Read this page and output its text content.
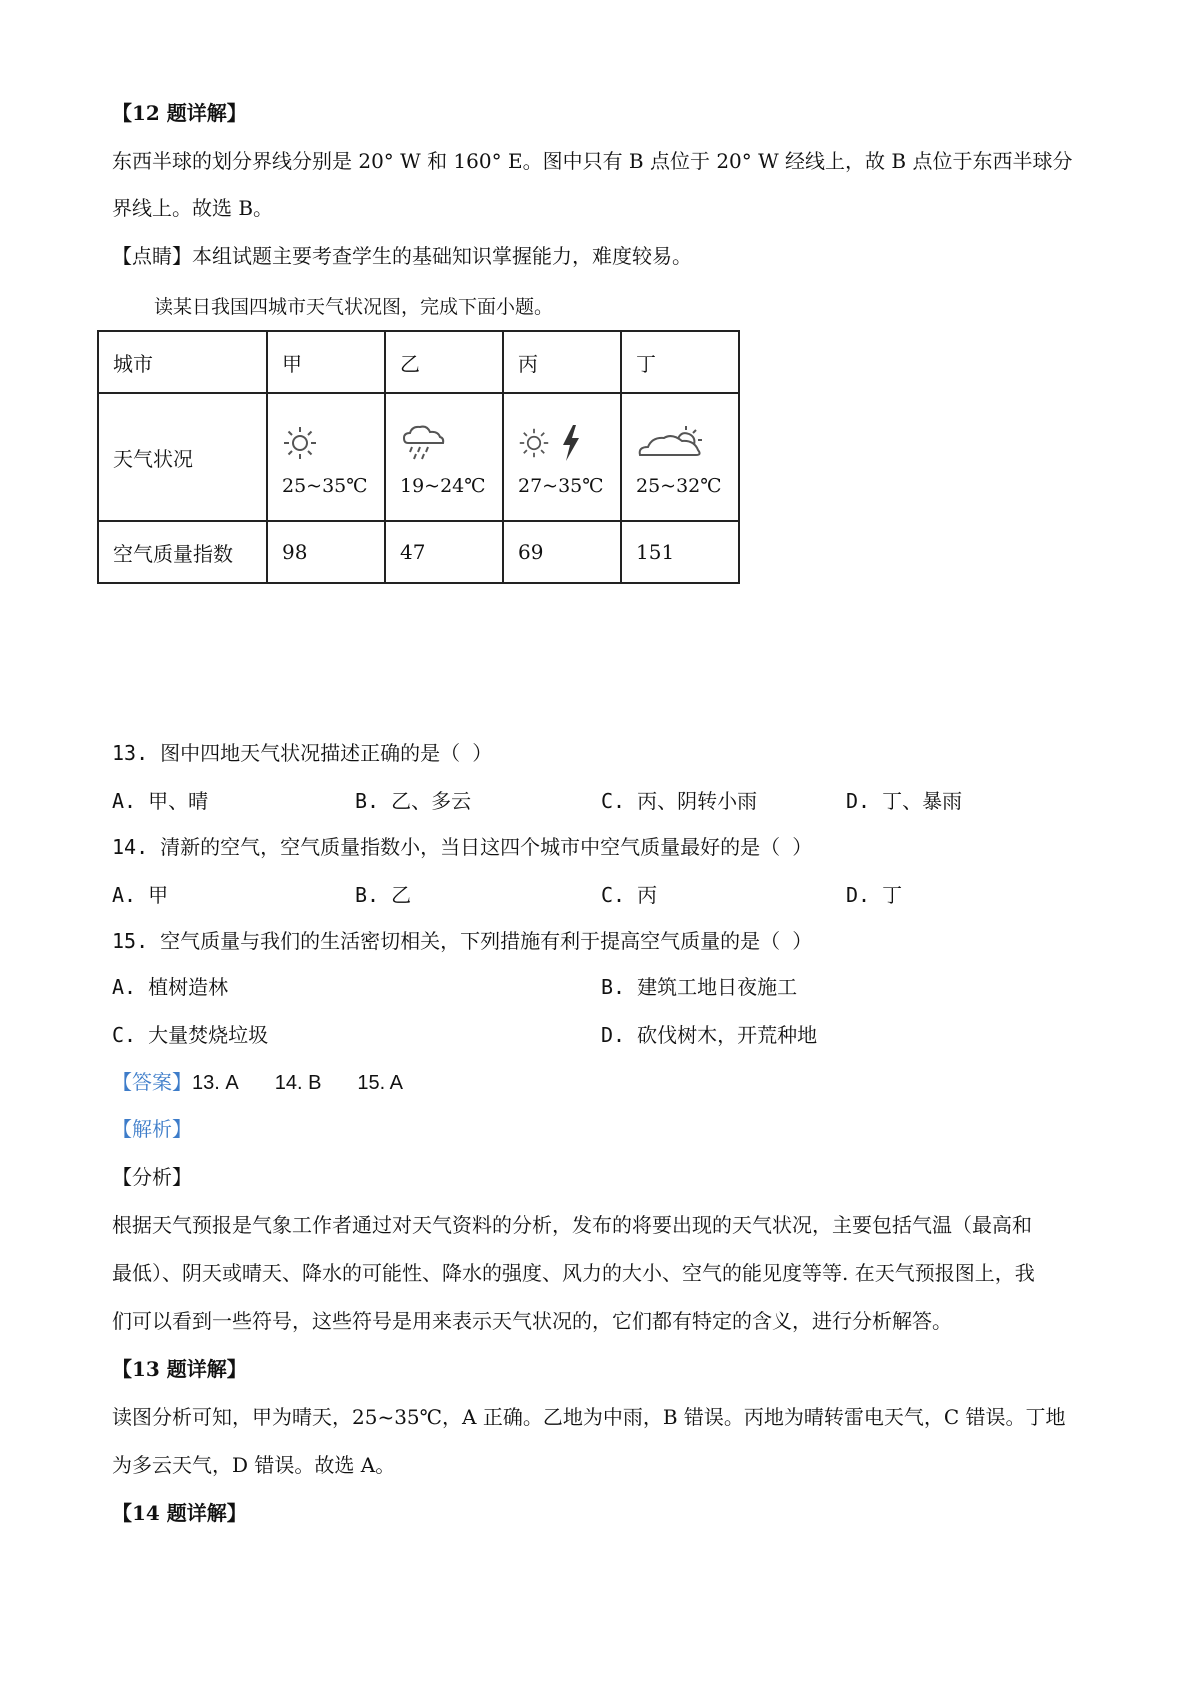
【12 题详解】
东西半球的划分界线分别是 20° W 和 160° E。图中只有 B 点位于 20° W 经线上，故 B 点位于东西半球分
界线上。故选 B。
【点睛】本组试题主要考查学生的基础知识掌握能力，难度较易。
读某日我国四城市天气状况图，完成下面小题。
城市	甲	乙	丙	丁
天气状况	25~35℃	19~24℃	27~35℃	25~32℃

空气质量指数	98	47	69	151
13. 图中四地天气状况描述正确的是（ ）
A. 甲、晴	B. 乙、多云	C. 丙、阴转小雨	D. 丁、暴雨
14. 清新的空气，空气质量指数小，当日这四个城市中空气质量最好的是（ ）
A. 甲	B. 乙	C. 丙	D. 丁
15. 空气质量与我们的生活密切相关，下列措施有利于提高空气质量的是（ ）
A. 植树造林	B. 建筑工地日夜施工
C. 大量焚烧垃圾	D. 砍伐树木，开荒种地
【答案】13. A 14. B 15. A
【解析】
【分析】
根据天气预报是气象工作者通过对天气资料的分析，发布的将要出现的天气状况，主要包括气温（最高和
最低）、阴天或晴天、降水的可能性、降水的强度、风力的大小、空气的能见度等等. 在天气预报图上，我
们可以看到一些符号，这些符号是用来表示天气状况的，它们都有特定的含义，进行分析解答。
【13 题详解】
读图分析可知，甲为晴天，25~35℃，A 正确。乙地为中雨，B 错误。丙地为晴转雷电天气，C 错误。丁地
为多云天气，D 错误。故选 A。
【14 题详解】
